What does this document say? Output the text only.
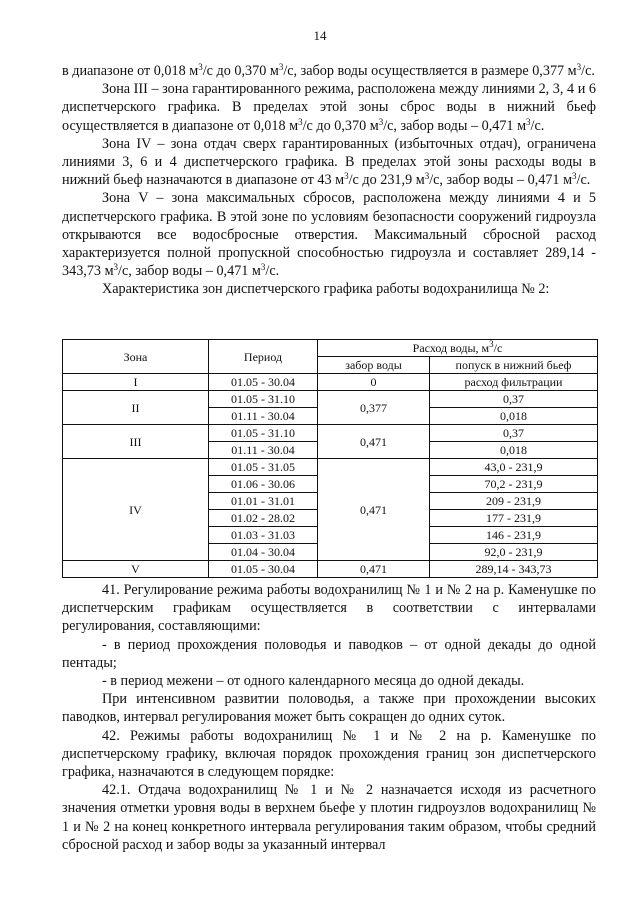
14

в диапазоне от 0,018 $м^3/с$ до 0,370 $м^3/с$, забор воды осуществляется в размере 0,377 $м^3/с$.

Зона III – зона гарантированного режима, расположена между линиями 2, 3, 4 и 6 диспетчерского графика. В пределах этой зоны сброс воды в нижний бьеф осуществляется в диапазоне от 0,018 $м^3/с$ до 0,370 $м^3/с$, забор воды – 0,471 $м^3/с$.

Зона IV – зона отдач сверх гарантированных (избыточных отдач), ограничена линиями 3, 6 и 4 диспетчерского графика. В пределах этой зоны расходы воды в нижний бьеф назначаются в диапазоне от 43 $м^3/с$ до 231,9 $м^3/с$, забор воды – 0,471 $м^3/с$.

Зона V – зона максимальных сбросов, расположена между линиями 4 и 5 диспетчерского графика. В этой зоне по условиям безопасности сооружений гидроузла открываются все водосбросные отверстия. Максимальный сбросной расход характеризуется полной пропускной способностью гидроузла и составляет 289,14 - 343,73 $м^3/с$, забор воды – 0,471 $м^3/с$.

Характеристика зон диспетчерского графика работы водохранилища № 2:

Зона	Период	Расход воды, $м^3/с$	
		забор воды	попуск в нижний бьеф
I	01.05 - 30.04	0	расход фильтрации
II	01.05 - 31.10	0,377	0,37
	01.11 - 30.04		0,018
III	01.05 - 31.10	0,471	0,37
	01.11 - 30.04		0,018
IV	01.05 - 31.05	0,471	43,0 - 231,9
	01.06 - 30.06		70,2 - 231,9
	01.01 - 31.01		209 - 231,9
	01.02 - 28.02		177 - 231,9
	01.03 - 31.03		146 - 231,9
	01.04 - 30.04		92,0 - 231,9
V	01.05 - 30.04	0,471	289,14 - 343,73

41. Регулирование режима работы водохранилищ № 1 и № 2 на р. Каменушке по диспетчерским графикам осуществляется в соответствии с интервалами регулирования, составляющими:

- в период прохождения половодья и паводков – от одной декады до одной пентады;

- в период межени – от одного календарного месяца до одной декады.

При интенсивном развитии половодья, а также при прохождении высоких паводков, интервал регулирования может быть сокращен до одних суток.

42. Режимы работы водохранилищ № 1 и № 2 на р. Каменушке по диспетчерскому графику, включая порядок прохождения границ зон диспетчерского графика, назначаются в следующем порядке:

42.1. Отдача водохранилищ № 1 и № 2 назначается исходя из расчетного значения отметки уровня воды в верхнем бьефе у плотин гидроузлов водохранилищ № 1 и № 2 на конец конкретного интервала регулирования таким образом, чтобы средний сбросной расход и забор воды за указанный интервал
